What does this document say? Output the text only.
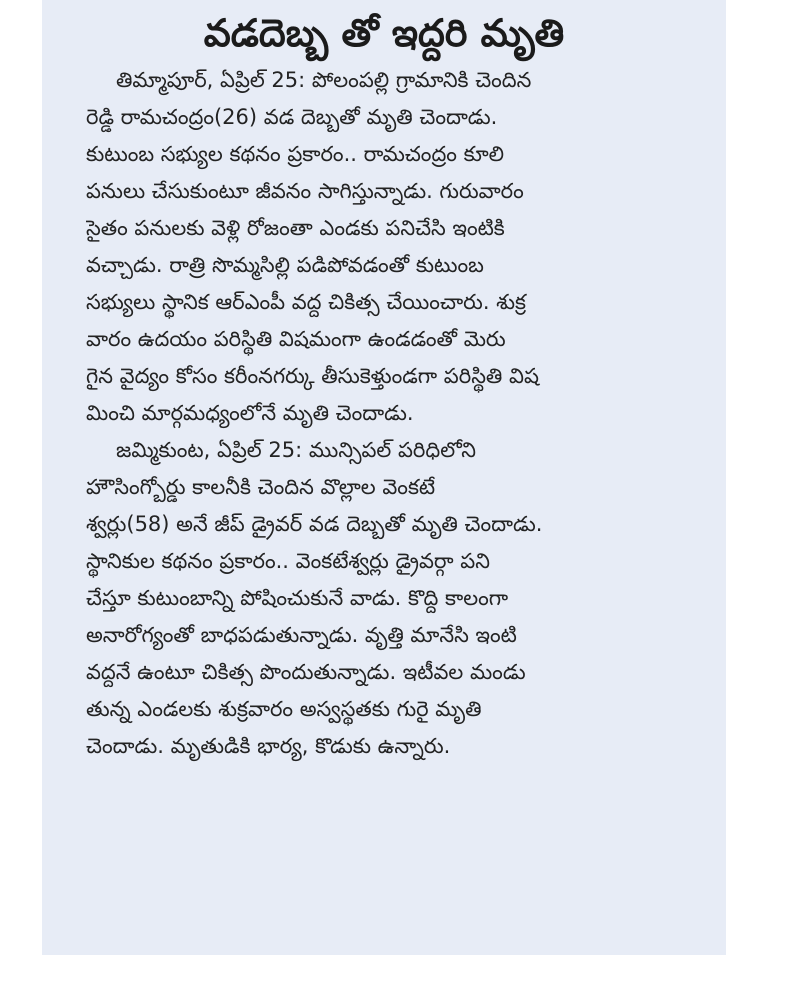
వడదెబ్బ తో ఇద్దరి మృతి
తిమ్మాపూర్, ఏప్రిల్ 25: పోలంపల్లి గ్రామానికి చెందిన
రెడ్డి రామచంద్రం(26) వడ దెబ్బతో మృతి చెందాడు.
కుటుంబ సభ్యుల కథనం ప్రకారం.. రామచంద్రం కూలి
పనులు చేసుకుంటూ జీవనం సాగిస్తున్నాడు. గురువారం
సైతం పనులకు వెళ్లి రోజంతా ఎండకు పనిచేసి ఇంటికి
వచ్చాడు. రాత్రి సొమ్మసిల్లి పడిపోవడంతో కుటుంబ
సభ్యులు స్థానిక ఆర్ఎంపీ వద్ద చికిత్స చేయించారు. శుక్ర
వారం ఉదయం పరిస్థితి విషమంగా ఉండడంతో మెరు
గైన వైద్యం కోసం కరీంనగర్కు తీసుకెళ్తుండగా పరిస్థితి విష
మించి మార్గమధ్యంలోనే మృతి చెందాడు.
జమ్మికుంట, ఏప్రిల్ 25: మున్సిపల్ పరిధిలోని
హౌసింగ్బోర్డు కాలనీకి చెందిన వొల్లాల వెంకటే
శ్వర్లు(58) అనే జీప్ డ్రైవర్ వడ దెబ్బతో మృతి చెందాడు.
స్థానికుల కథనం ప్రకారం.. వెంకటేశ్వర్లు డ్రైవర్గా పని
చేస్తూ కుటుంబాన్ని పోషించుకునే వాడు. కొద్ది కాలంగా
అనారోగ్యంతో బాధపడుతున్నాడు. వృత్తి మానేసి ఇంటి
వద్దనే ఉంటూ చికిత్స పొందుతున్నాడు. ఇటీవల మండు
తున్న ఎండలకు శుక్రవారం అస్వస్థతకు గురై మృతి
చెందాడు. మృతుడికి భార్య, కొడుకు ఉన్నారు.
